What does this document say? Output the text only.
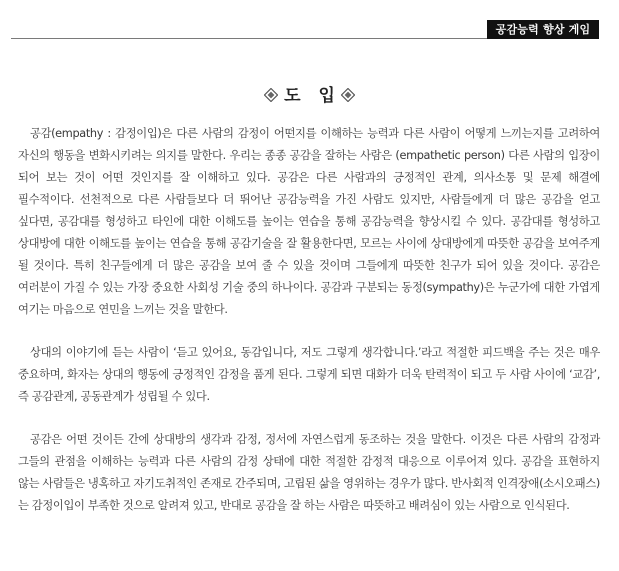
공감능력 향상 게임
도 입

공감(empathy : 감정이입)은 다른 사람의 감정이 어떤지를 이해하는 능력과 다른 사람이 어떻게 느끼는지를 고려하여 자신의 행동을 변화시키려는 의지를 말한다. 우리는 종종 공감을 잘하는 사람은 (empathetic person) 다른 사람의 입장이 되어 보는 것이 어떤 것인지를 잘 이해하고 있다. 공감은 다른 사람과의 긍정적인 관계, 의사소통 및 문제 해결에 필수적이다. 선천적으로 다른 사람들보다 더 뛰어난 공감능력을 가진 사람도 있지만, 사람들에게 더 많은 공감을 얻고 싶다면, 공감대를 형성하고 타인에 대한 이해도를 높이는 연습을 통해 공감능력을 향상시킬 수 있다. 공감대를 형성하고 상대방에 대한 이해도를 높이는 연습을 통해 공감기술을 잘 활용한다면, 모르는 사이에 상대방에게 따뜻한 공감을 보여주게 될 것이다. 특히 친구들에게 더 많은 공감을 보여 줄 수 있을 것이며 그들에게 따뜻한 친구가 되어 있을 것이다. 공감은 여러분이 가질 수 있는 가장 중요한 사회성 기술 중의 하나이다. 공감과 구분되는 동정(sympathy)은 누군가에 대한 가엽게 여기는 마음으로 연민을 느끼는 것을 말한다.

상대의 이야기에 듣는 사람이 ‘듣고 있어요, 동감입니다, 저도 그렇게 생각합니다.’라고 적절한 피드백을 주는 것은 매우 중요하며, 화자는 상대의 행동에 긍정적인 감정을 품게 된다. 그렇게 되면 대화가 더욱 탄력적이 되고 두 사람 사이에 ‘교감’, 즉 공감관계, 공동관계가 성립될 수 있다.

공감은 어떤 것이든 간에 상대방의 생각과 감정, 정서에 자연스럽게 동조하는 것을 말한다. 이것은 다른 사람의 감정과 그들의 관점을 이해하는 능력과 다른 사람의 감정 상태에 대한 적절한 감정적 대응으로 이루어져 있다. 공감을 표현하지 않는 사람들은 냉혹하고 자기도취적인 존재로 간주되며, 고립된 삶을 영위하는 경우가 많다. 반사회적 인격장애(소시오패스)는 감정이입이 부족한 것으로 알려져 있고, 반대로 공감을 잘 하는 사람은 따뜻하고 배려심이 있는 사람으로 인식된다.
